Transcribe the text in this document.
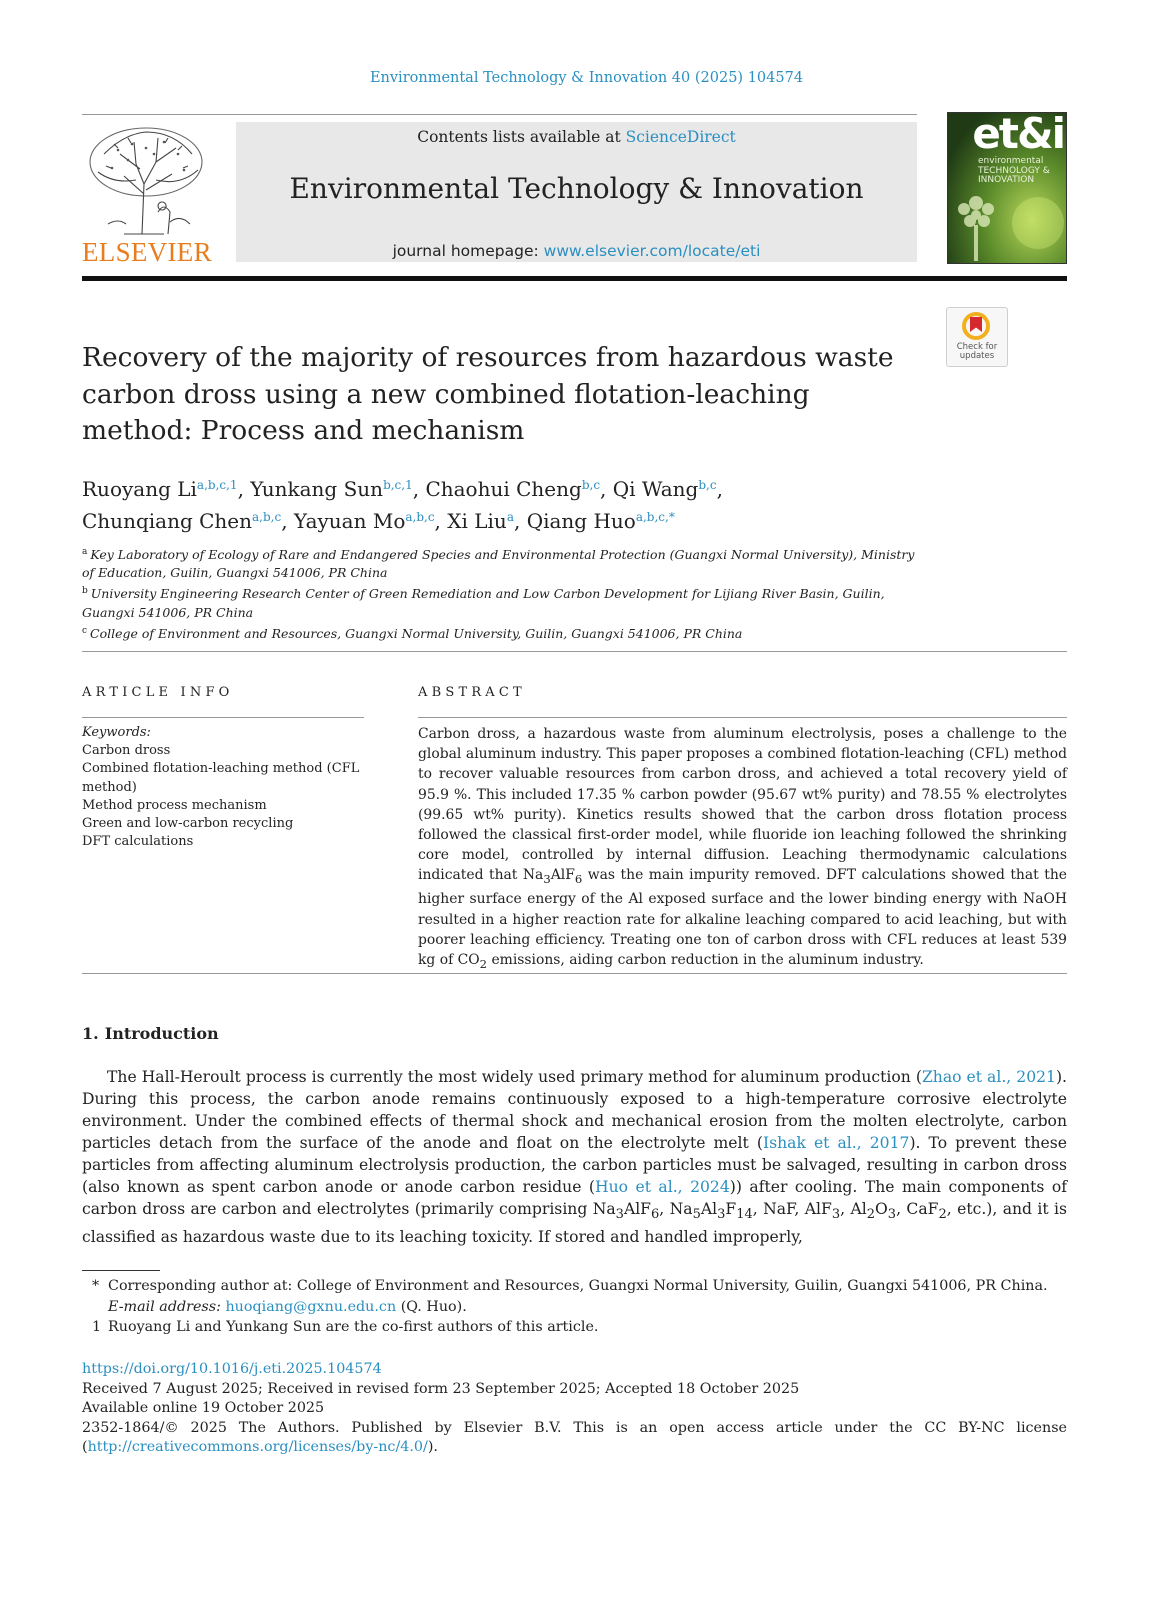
Environmental Technology & Innovation 40 (2025) 104574
ELSEVIER
Contents lists available at ScienceDirect
Environmental Technology & Innovation
journal homepage: www.elsevier.com/locate/eti
et&i
environmental TECHNOLOGY & INNOVATION
Check for updates
Recovery of the majority of resources from hazardous waste carbon dross using a new combined flotation-leaching method: Process and mechanism
Ruoyang Li$^{a,b,c,1}$, Yunkang Sun$^{b,c,1}$, Chaohui Cheng$^{b,c}$, Qi Wang$^{b,c}$,
Chunqiang Chen$^{a,b,c}$, Yayuan Mo$^{a,b,c}$, Xi Liu$^a$, Qiang Huo$^{a,b,c,*}$
$^a$ Key Laboratory of Ecology of Rare and Endangered Species and Environmental Protection (Guangxi Normal University), Ministry of Education, Guilin, Guangxi 541006, PR China
$^b$ University Engineering Research Center of Green Remediation and Low Carbon Development for Lijiang River Basin, Guilin, Guangxi 541006, PR China
$^c$ College of Environment and Resources, Guangxi Normal University, Guilin, Guangxi 541006, PR China
ARTICLE INFO
Keywords:
Carbon dross
Combined flotation-leaching method (CFL method)
Method process mechanism
Green and low-carbon recycling
DFT calculations
ABSTRACT
Carbon dross, a hazardous waste from aluminum electrolysis, poses a challenge to the global aluminum industry. This paper proposes a combined flotation-leaching (CFL) method to recover valuable resources from carbon dross, and achieved a total recovery yield of 95.9 %. This included 17.35 % carbon powder (95.67 wt% purity) and 78.55 % electrolytes (99.65 wt% purity). Kinetics results showed that the carbon dross flotation process followed the classical first-order model, while fluoride ion leaching followed the shrinking core model, controlled by internal diffusion. Leaching thermodynamic calculations indicated that $Na_3AlF_6$ was the main impurity removed. DFT calculations showed that the higher surface energy of the Al exposed surface and the lower binding energy with NaOH resulted in a higher reaction rate for alkaline leaching compared to acid leaching, but with poorer leaching efficiency. Treating one ton of carbon dross with CFL reduces at least 539 kg of $CO_2$ emissions, aiding carbon reduction in the aluminum industry.
1. Introduction
The Hall-Heroult process is currently the most widely used primary method for aluminum production (Zhao et al., 2021). During this process, the carbon anode remains continuously exposed to a high-temperature corrosive electrolyte environment. Under the combined effects of thermal shock and mechanical erosion from the molten electrolyte, carbon particles detach from the surface of the anode and float on the electrolyte melt (Ishak et al., 2017). To prevent these particles from affecting aluminum electrolysis production, the carbon particles must be salvaged, resulting in carbon dross (also known as spent carbon anode or anode carbon residue (Huo et al., 2024)) after cooling. The main components of carbon dross are carbon and electrolytes (primarily comprising $Na_3AlF_6$, $Na_5Al_3F_{14}$, NaF, AlF$_3$, $Al_2O_3$, CaF$_2$, etc.), and it is classified as hazardous waste due to its leaching toxicity. If stored and handled improperly,
* Corresponding author at: College of Environment and Resources, Guangxi Normal University, Guilin, Guangxi 541006, PR China.
E-mail address: huoqiang@gxnu.edu.cn (Q. Huo).
1 Ruoyang Li and Yunkang Sun are the co-first authors of this article.
https://doi.org/10.1016/j.eti.2025.104574
Received 7 August 2025; Received in revised form 23 September 2025; Accepted 18 October 2025
Available online 19 October 2025
2352-1864/© 2025 The Authors. Published by Elsevier B.V. This is an open access article under the CC BY-NC license
(http://creativecommons.org/licenses/by-nc/4.0/).
